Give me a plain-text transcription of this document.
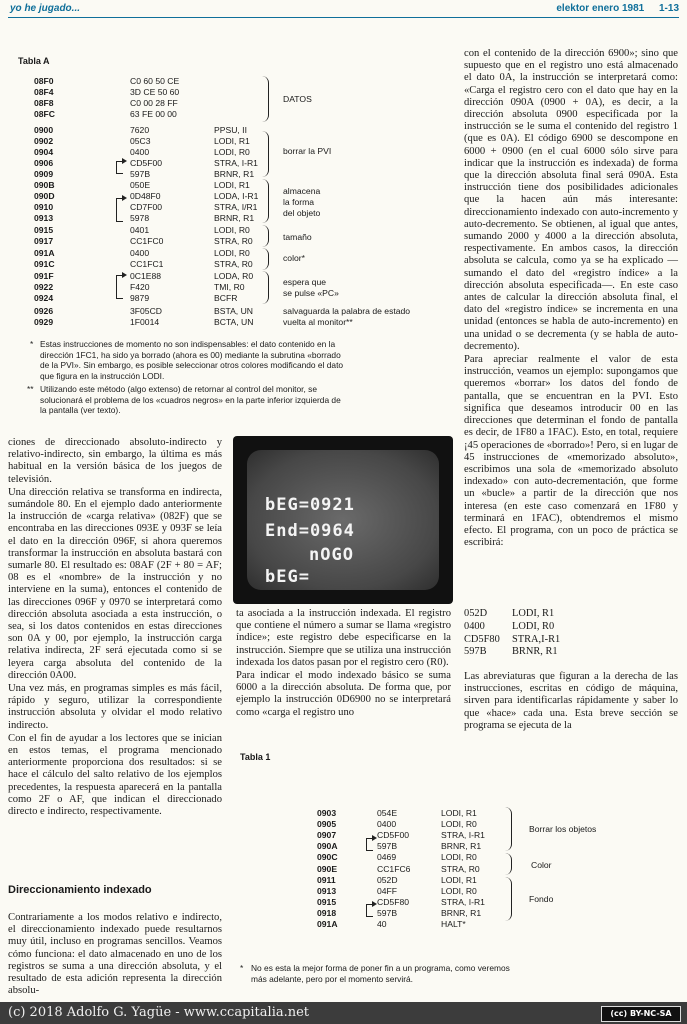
yo he jugado...	elektor enero 1981 1-13
Tabla A
08F0	C0 60 50 CE
08F4	3D CE 50 60
08F8	C0 00 28 FF
08FC	63 FE 00 00
0900	7620	PPSU, II
0902	05C3	LODI, R1
0904	0400	LODI, R0
0906	CD5F00	STRA, I-R1
0909	597B	BRNR, R1
090B	050E	LODI, R1
090D	0D48F0	LODA, I-R1
0910	CD7F00	STRA, I/R1
0913	5978	BRNR, R1
0915	0401	LODI, R0
0917	CC1FC0	STRA, R0
091A	0400	LODI, R0
091C	CC1FC1	STRA, R0
091F	0C1E88	LODA, R0
0922	F420	TMI, R0
0924	9879	BCFR
0926	3F05CD	BSTA, UN
0929	1F0014	BCTA, UN
DATOS
borrar la PVI
almacena
la forma
del objeto
tamaño
color*
espera que
se pulse «PC»
salvaguarda la palabra de estado
vuelta al monitor**
* Estas instrucciones de momento no son indispensables: el dato contenido en la
dirección 1FC1, ha sido ya borrado (ahora es 00) mediante la subrutina «borrado
de la PVI». Sin embargo, es posible seleccionar otros colores modificando el dato
que figura en la instrucción LODI.
** Utilizando este método (algo extenso) de retornar al control del monitor, se
solucionará el problema de los «cuadros negros» en la parte inferior izquierda de
la pantalla (ver texto).

con el contenido de la dirección 6900»; sino que supuesto que en el registro uno está almacenado el dato 0A, la instrucción se interpretará como: «Carga el registro cero con el dato que hay en la dirección 090A (0900 + 0A), es decir, a la dirección absoluta 0900 especificada por la instrucción se le suma el contenido del registro 1 (que es 0A). El código 6900 se descompone en 6000 + 0900 (en el cual 6000 sólo sirve para indicar que la instrucción es indexada) de forma que la dirección absoluta final será 090A. Esta instrucción tiene dos posibilidades adicionales que la hacen aún más interesante: direccionamiento indexado con auto-incremento y auto-decremento. Se obtienen, al igual que antes, sumando 2000 y 4000 a la dirección absoluta, respectivamente. En ambos casos, la dirección absoluta se calcula, como ya se ha explicado —sumando el dato del «registro índice» a la dirección absoluta especificada—. En este caso antes de calcular la dirección absoluta final, el dato del «registro índice» se incrementa en una unidad (entonces se habla de auto-incremento) en una unidad o se decrementa (y se habla de auto-decremento).

Para apreciar realmente el valor de esta instrucción, veamos un ejemplo: supongamos que queremos «borrar» los datos del fondo de pantalla, que se encuentran en la PVI. Esto significa que deseamos introducir 00 en las direcciones que determinan el fondo de pantalla es decir, de 1F80 a 1FAC). Esto, en total, requiere ¡45 operaciones de «borrado»! Pero, si en lugar de 45 instrucciones de «memorizado absoluto», escribimos una sola de «memorizado absoluto indexado» con auto-decrementación, que forme un «bucle» a partir de la dirección que nos interesa (en este caso comenzará en 1F80 y terminará en 1FAC), obtendremos el mismo efecto. El programa, con un poco de práctica se escribirá:

052D LODI, R1
0400	LODI, R0
CD5F80 STRA,I-R1
597B BRNR, R1

Las abreviaturas que figuran a la derecha de las instrucciones, escritas en código de máquina, sirven para identificarlas rápidamente y saber lo que «hace» cada una. Esta breve sección se programa se ejecuta de la

ciones de direccionado absoluto-indirecto y relativo-indirecto, sin embargo, la última es más habitual en la versión básica de los juegos de televisión.

Una dirección relativa se transforma en indirecta, sumándole 80. En el ejemplo dado anteriormente la instrucción de «carga relativa» (082F) que se encontraba en las direcciones 093E y 093F se leía el dato en la dirección 096F, si ahora queremos transformar la instrucción en absoluta bastará con sumarle 80. El resultado es: 08AF (2F + 80 = AF; 08 es el «nombre» de la instrucción y no interviene en la suma), entonces el contenido de las direcciones 096F y 0970 se interpretará como dirección absoluta asociada a esta instrucción, o sea, si los datos contenidos en estas direcciones son 0A y 00, por ejemplo, la instrucción carga relativa indirecta, 2F será ejecutada como si se leyera carga absoluta del contenido de la dirección 0A00.

Una vez más, en programas simples es más fácil, rápido y seguro, utilizar la correspondiente instrucción absoluta y olvidar el modo relativo indirecto.

Con el fin de ayudar a los lectores que se inician en estos temas, el programa mencionado anteriormente proporciona dos resultados: si se hace el cálculo del salto relativo de los ejemplos precedentes, la respuesta aparecerá en la pantalla como 2F o AF, que indican el direccionado directo e indirecto, respectivamente.

Direccionamiento indexado

Contrariamente a los modos relativo e indirecto, el direccionamiento indexado puede resultarnos muy útil, incluso en programas sencillos. Veamos cómo funciona: el dato almacenado en uno de los registros se suma a una dirección absoluta, y el resultado de esta adición representa la dirección absolu-

bEG=0921
End=0964
nOGO
bEG=

ta asociada a la instrucción indexada. El registro que contiene el número a sumar se llama «registro índice»; este registro debe especificarse en la instrucción. Siempre que se utiliza una instrucción indexada los datos pasan por el registro cero (R0).

Para indicar el modo indexado básico se suma 6000 a la dirección absoluta. De forma que, por ejemplo la instrucción 0D6900 no se interpretará como «carga el registro uno

Tabla 1
0903	054E	LODI, R1
0905	0400	LODI, R0
0907	CD5F00	STRA, I-R1
090A	597B	BRNR, R1
090C	0469	LODI, R0
090E	CC1FC6	STRA, R0
0911	052D	LODI, R1
0913	04FF	LODI, R0
0915	CD5F80	STRA, I-R1
0918	597B	BRNR, R1
091A	40	HALT*
Borrar los objetos
Color
Fondo
* No es esta la mejor forma de poner fin a un programa, como veremos
más adelante, pero por el momento servirá.
(c) 2018 Adolfo G. Yagüe - www.ccapitalia.net	(cc) BY-NC-SA
